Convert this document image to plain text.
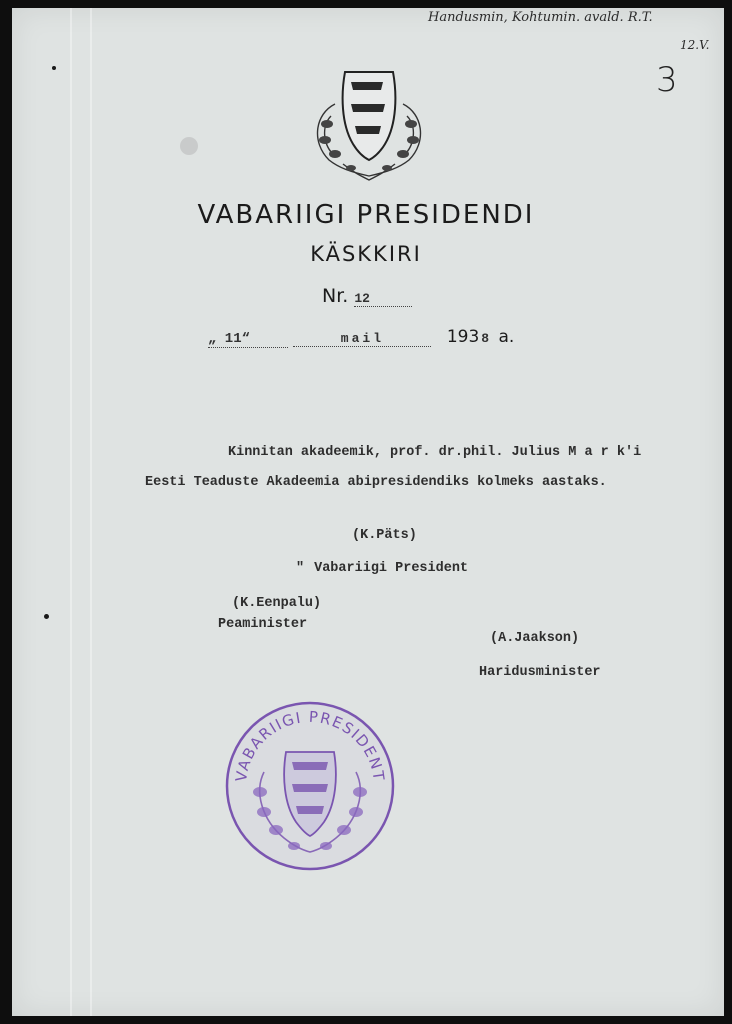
Handusmin, Kohtumin. avald. R.T.
12.V.
3
VABARIIGI PRESIDENDI
KÄSKKIRI
Nr. 12
„ 11“	mail	193 8 a.
Kinnitan akadeemik, prof. dr.phil. Julius M a r k'i
Eesti Teaduste Akadeemia abipresidendiks kolmeks aastaks.
(K.Päts)
" Vabariigi President
(K.Eenpalu)
Peaminister
(A.Jaakson)
Haridusminister
VABARIIGI PRESIDENT
